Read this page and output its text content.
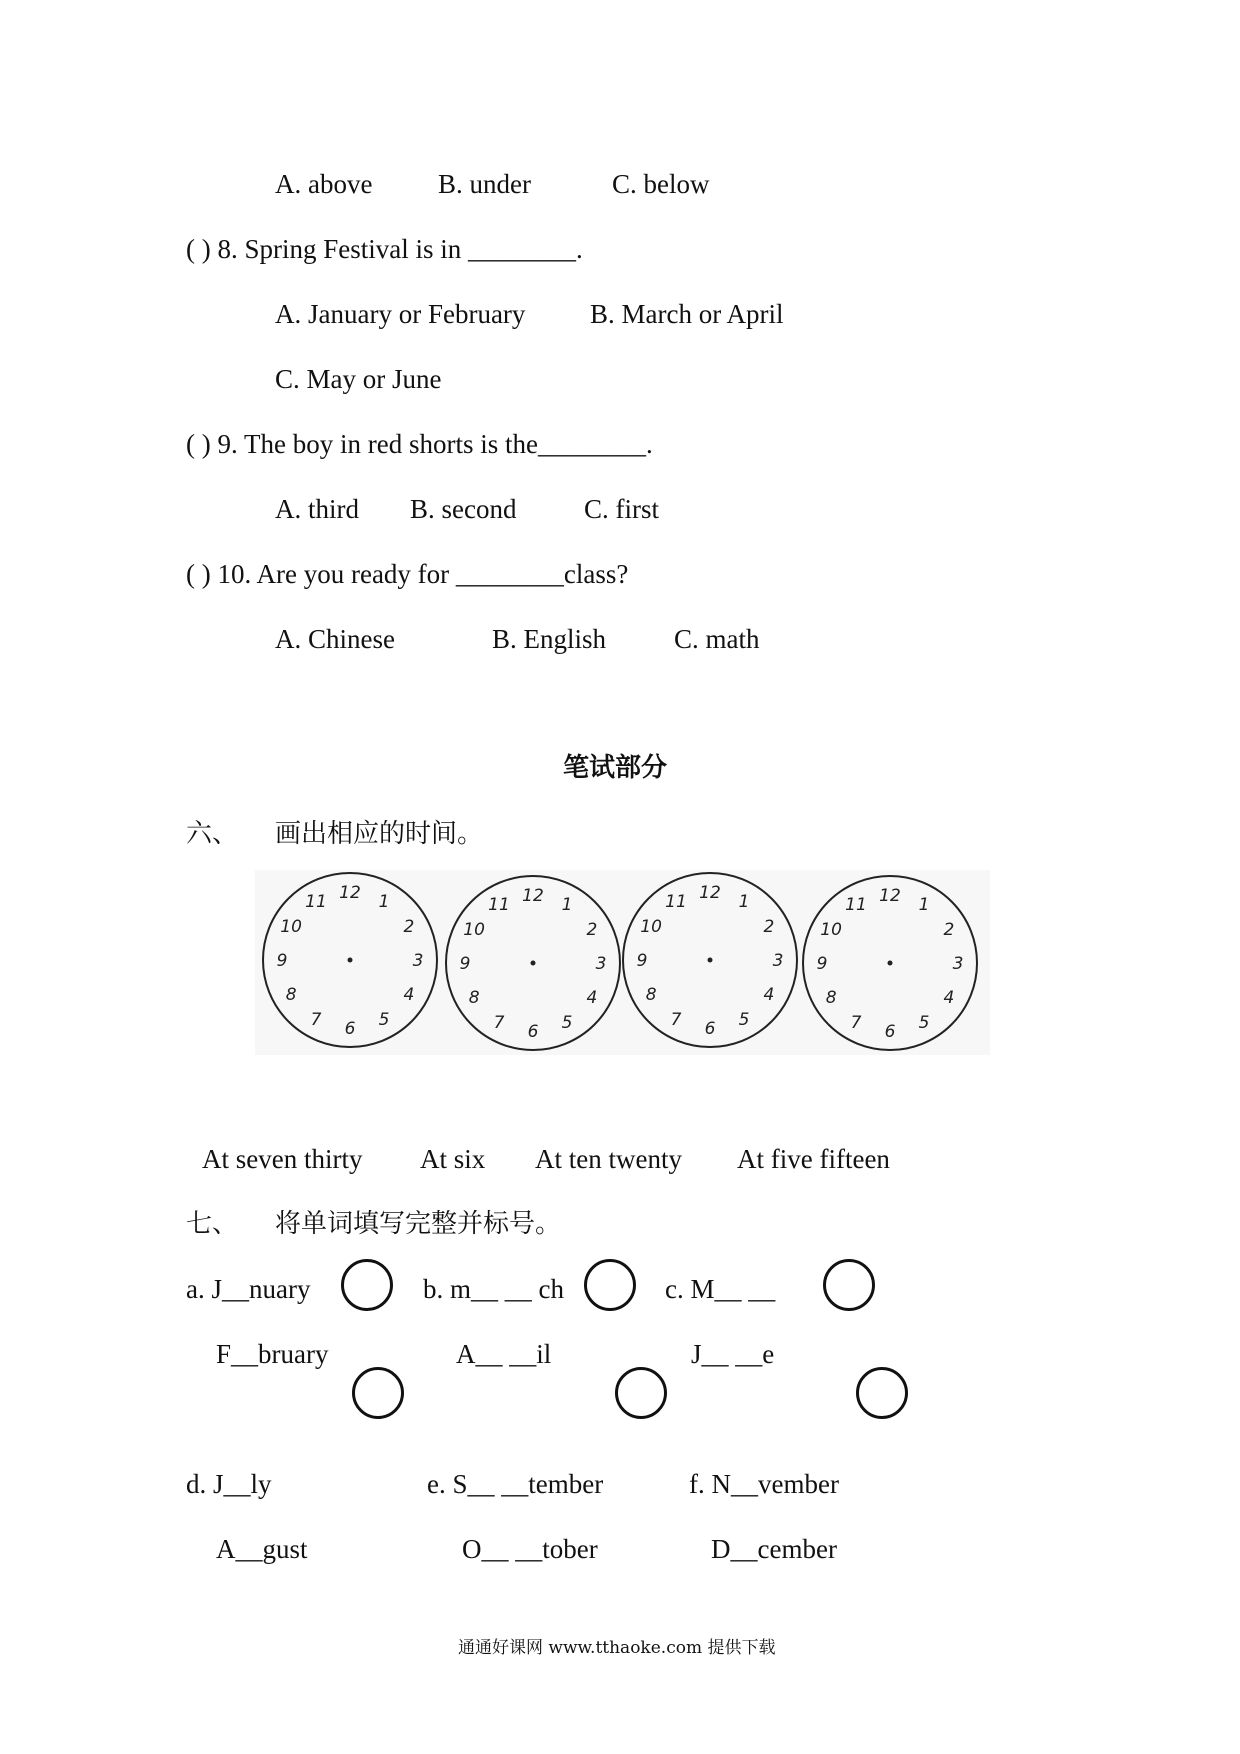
A. above B. under	C. below
( ) 8. Spring Festival is in ________.
A. January or February B. March or April
C. May or June
( ) 9. The boy in red shorts is the________.
A. third B. second	C. first
( ) 10. Are you ready for ________class?
A. Chinese	B. English	C. math
笔试部分
六、 画出相应的时间。
12 1
2
3
4
5
6
7
8
9
10
11	12 1
2
3
4
5
6
7
8
9
10
11
12 1
2
3
4
5
6
7
8
9
10
11	12 1
2
3
4
5
6
7
8
9
10
11
At seven thirty At six At ten twenty At five fifteen
七、 将单词填写完整并标号。
a. J__nuary	b. m__ __ ch	c. M__ __
F__bruary	A__ __il	J__ __e
d. J__ly	e. S__ __tember	f. N__vember
A__gust	O__ __tober	D__cember
通通好课网 www.tthaoke.com 提供下载
